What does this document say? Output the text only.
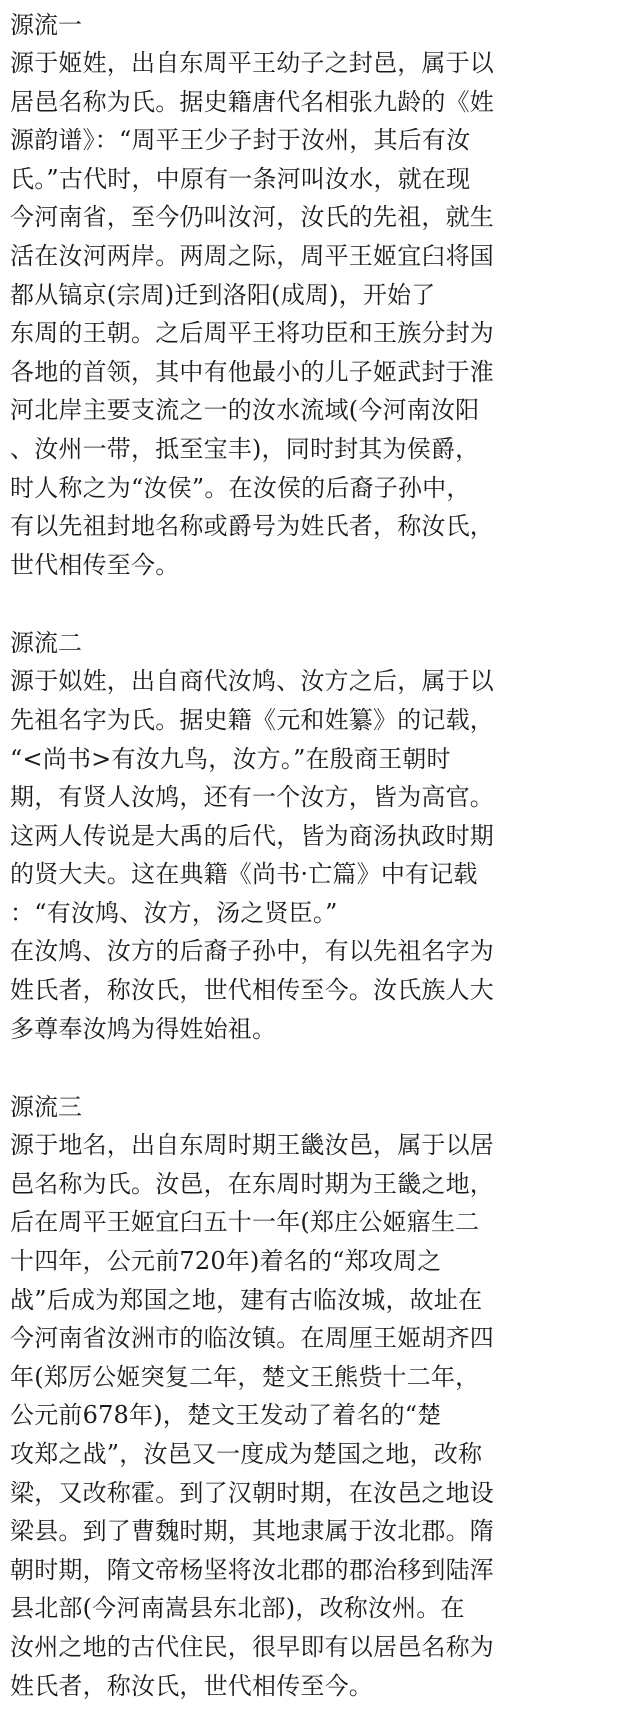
源流一
源于姬姓，出自东周平王幼子之封邑，属于以
居邑名称为氏。据史籍唐代名相张九龄的《姓
源韵谱》：“周平王少子封于汝州，其后有汝
氏。”古代时，中原有一条河叫汝水，就在现
今河南省，至今仍叫汝河，汝氏的先祖，就生
活在汝河两岸。两周之际，周平王姬宜臼将国
都从镐京(宗周)迁到洛阳(成周)，开始了
东周的王朝。之后周平王将功臣和王族分封为
各地的首领，其中有他最小的儿子姬武封于淮
河北岸主要支流之一的汝水流域(今河南汝阳
、汝州一带，抵至宝丰)，同时封其为侯爵，
时人称之为“汝侯”。在汝侯的后裔子孙中，
有以先祖封地名称或爵号为姓氏者，称汝氏，
世代相传至今。
源流二
源于姒姓，出自商代汝鸠、汝方之后，属于以
先祖名字为氏。据史籍《元和姓纂》的记载，
“<尚书>有汝九鸟，汝方。”在殷商王朝时
期，有贤人汝鸠，还有一个汝方，皆为高官。
这两人传说是大禹的后代，皆为商汤执政时期
的贤大夫。这在典籍《尚书·亡篇》中有记载
：“有汝鸠、汝方，汤之贤臣。”
在汝鸠、汝方的后裔子孙中，有以先祖名字为
姓氏者，称汝氏，世代相传至今。汝氏族人大
多尊奉汝鸠为得姓始祖。
源流三
源于地名，出自东周时期王畿汝邑，属于以居
邑名称为氏。汝邑，在东周时期为王畿之地，
后在周平王姬宜臼五十一年(郑庄公姬寤生二
十四年，公元前720年)着名的“郑攻周之
战”后成为郑国之地，建有古临汝城，故址在
今河南省汝洲市的临汝镇。在周厘王姬胡齐四
年(郑厉公姬突复二年，楚文王熊赀十二年，
公元前678年)，楚文王发动了着名的“楚
攻郑之战”，汝邑又一度成为楚国之地，改称
梁，又改称霍。到了汉朝时期，在汝邑之地设
梁县。到了曹魏时期，其地隶属于汝北郡。隋
朝时期，隋文帝杨坚将汝北郡的郡治移到陆浑
县北部(今河南嵩县东北部)，改称汝州。在
汝州之地的古代住民，很早即有以居邑名称为
姓氏者，称汝氏，世代相传至今。
